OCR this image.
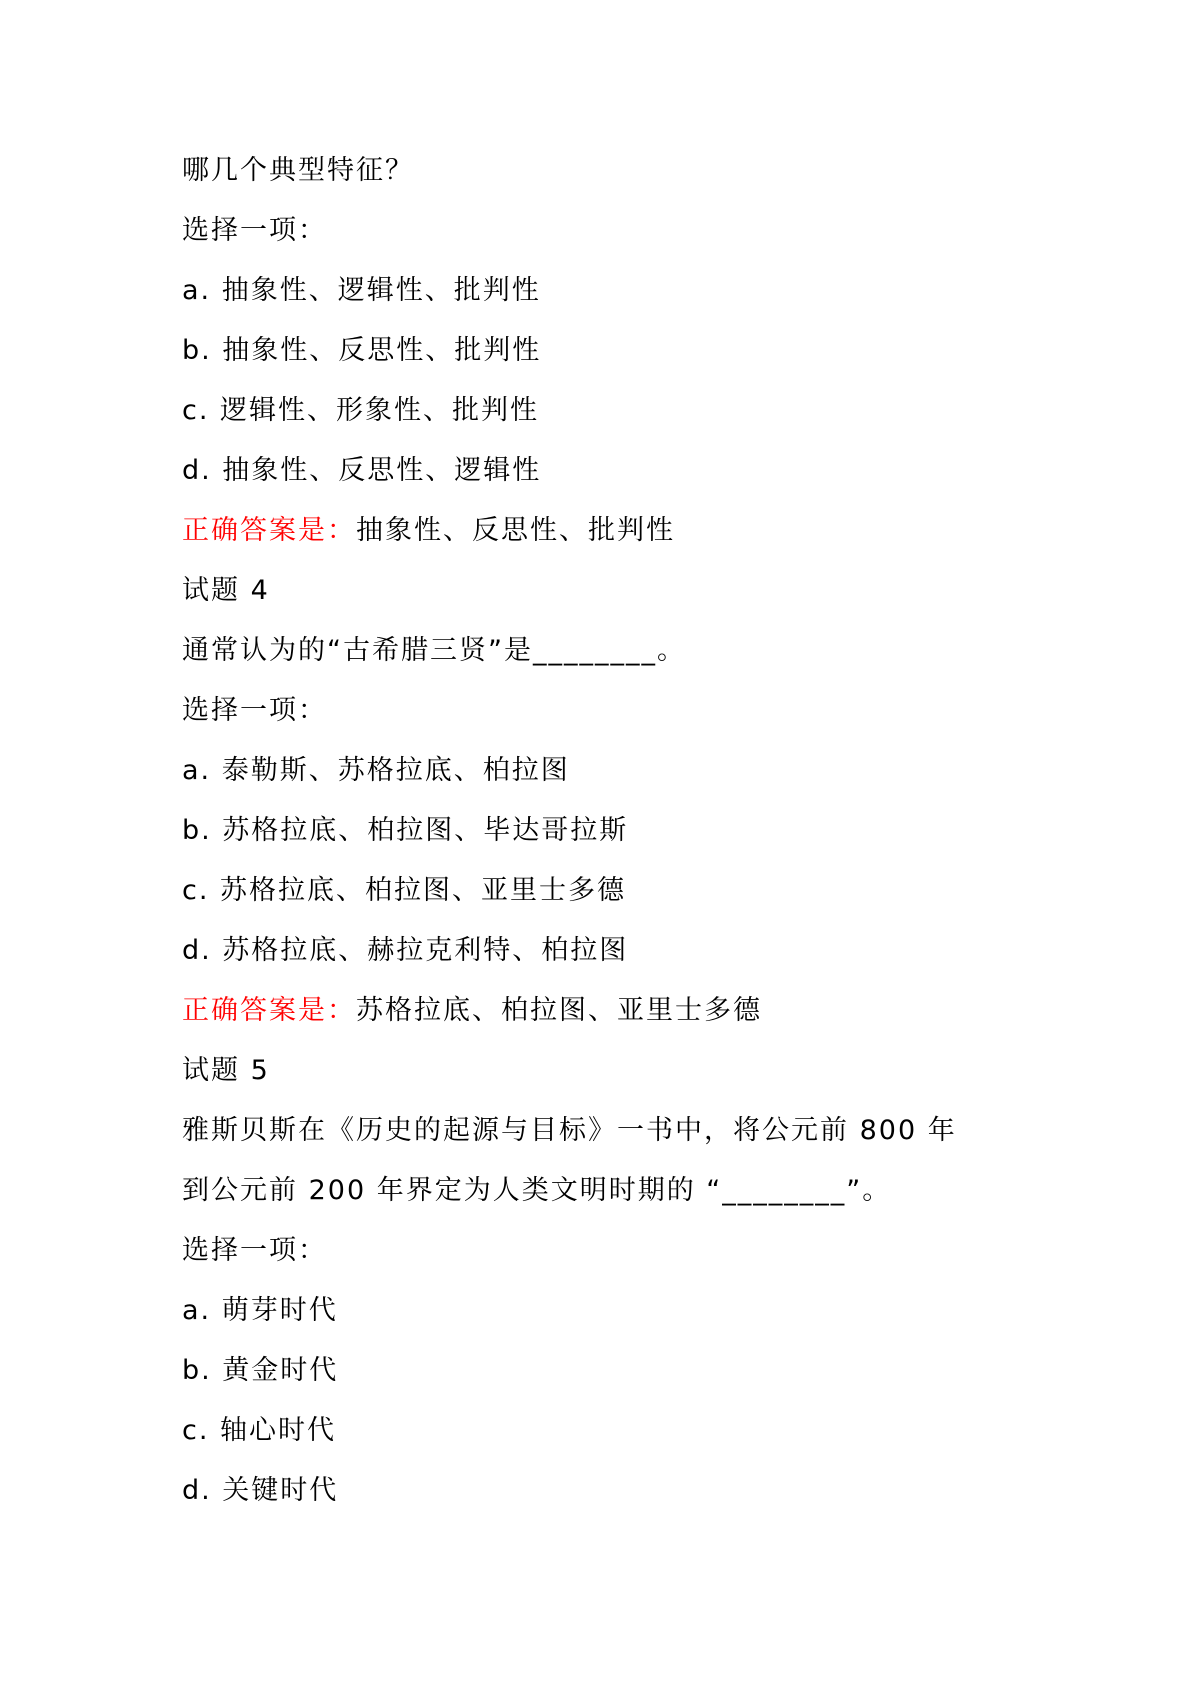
哪几个典型特征？
选择一项：
a. 抽象性、逻辑性、批判性
b. 抽象性、反思性、批判性
c. 逻辑性、形象性、批判性
d. 抽象性、反思性、逻辑性
正确答案是：抽象性、反思性、批判性
试题 4
通常认为的“古希腊三贤”是________。
选择一项：
a. 泰勒斯、苏格拉底、柏拉图
b. 苏格拉底、柏拉图、毕达哥拉斯
c. 苏格拉底、柏拉图、亚里士多德
d. 苏格拉底、赫拉克利特、柏拉图
正确答案是：苏格拉底、柏拉图、亚里士多德
试题 5
雅斯贝斯在《历史的起源与目标》一书中，将公元前 800 年
到公元前 200 年界定为人类文明时期的 “________”。
选择一项：
a. 萌芽时代
b. 黄金时代
c. 轴心时代
d. 关键时代
